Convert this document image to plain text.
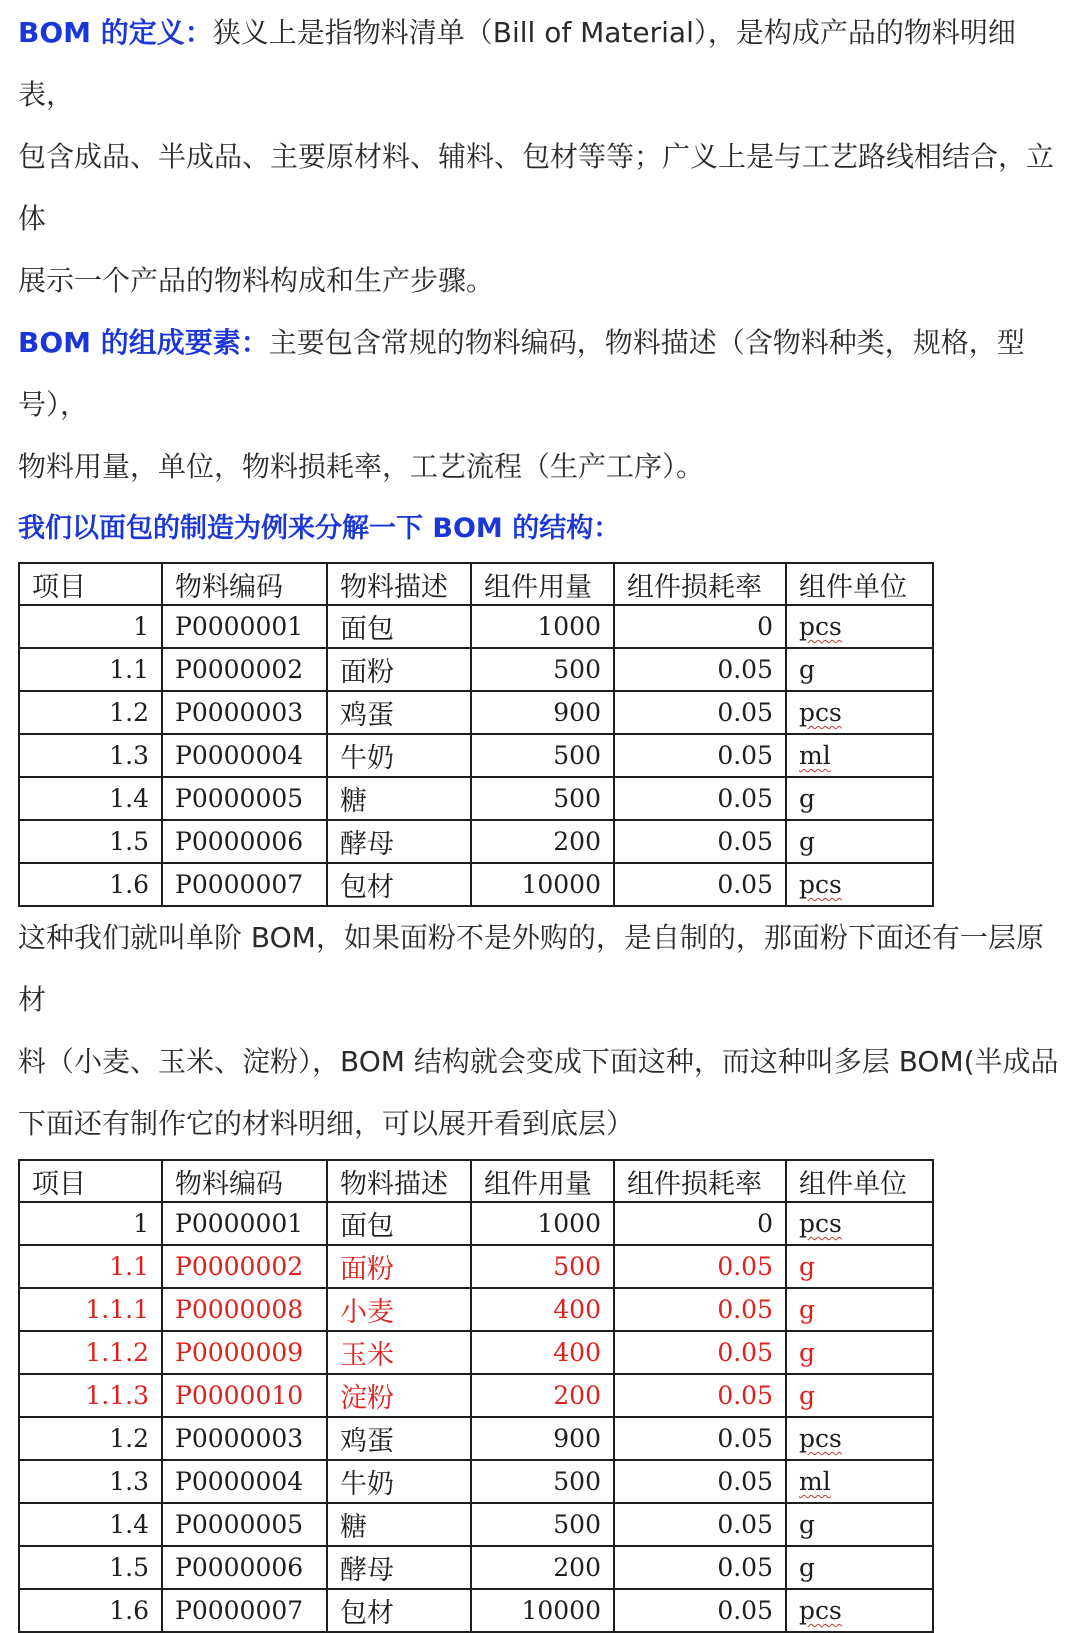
BOM 的定义：狭义上是指物料清单（Bill of Material），是构成产品的物料明细表，

包含成品、半成品、主要原材料、辅料、包材等等；广义上是与工艺路线相结合，立体

展示一个产品的物料构成和生产步骤。

BOM 的组成要素：主要包含常规的物料编码，物料描述（含物料种类，规格，型号），

物料用量，单位，物料损耗率，工艺流程（生产工序）。

我们以面包的制造为例来分解一下 BOM 的结构：

项目	物料编码	物料描述	组件用量	组件损耗率	组件单位
1	P0000001	面包	1000	0	pcs
1.1	P0000002	面粉	500	0.05	g
1.2	P0000003	鸡蛋	900	0.05	pcs
1.3	P0000004	牛奶	500	0.05	ml
1.4	P0000005	糖	500	0.05	g
1.5	P0000006	酵母	200	0.05	g
1.6	P0000007	包材	10000	0.05	pcs

这种我们就叫单阶 BOM，如果面粉不是外购的，是自制的，那面粉下面还有一层原材

料（小麦、玉米、淀粉），BOM 结构就会变成下面这种，而这种叫多层 BOM(半成品

下面还有制作它的材料明细，可以展开看到底层）

项目	物料编码	物料描述	组件用量	组件损耗率	组件单位
1	P0000001	面包	1000	0	pcs
1.1	P0000002	面粉	500	0.05	g
1.1.1	P0000008	小麦	400	0.05	g
1.1.2	P0000009	玉米	400	0.05	g
1.1.3	P0000010	淀粉	200	0.05	g
1.2	P0000003	鸡蛋	900	0.05	pcs
1.3	P0000004	牛奶	500	0.05	ml
1.4	P0000005	糖	500	0.05	g
1.5	P0000006	酵母	200	0.05	g
1.6	P0000007	包材	10000	0.05	pcs
